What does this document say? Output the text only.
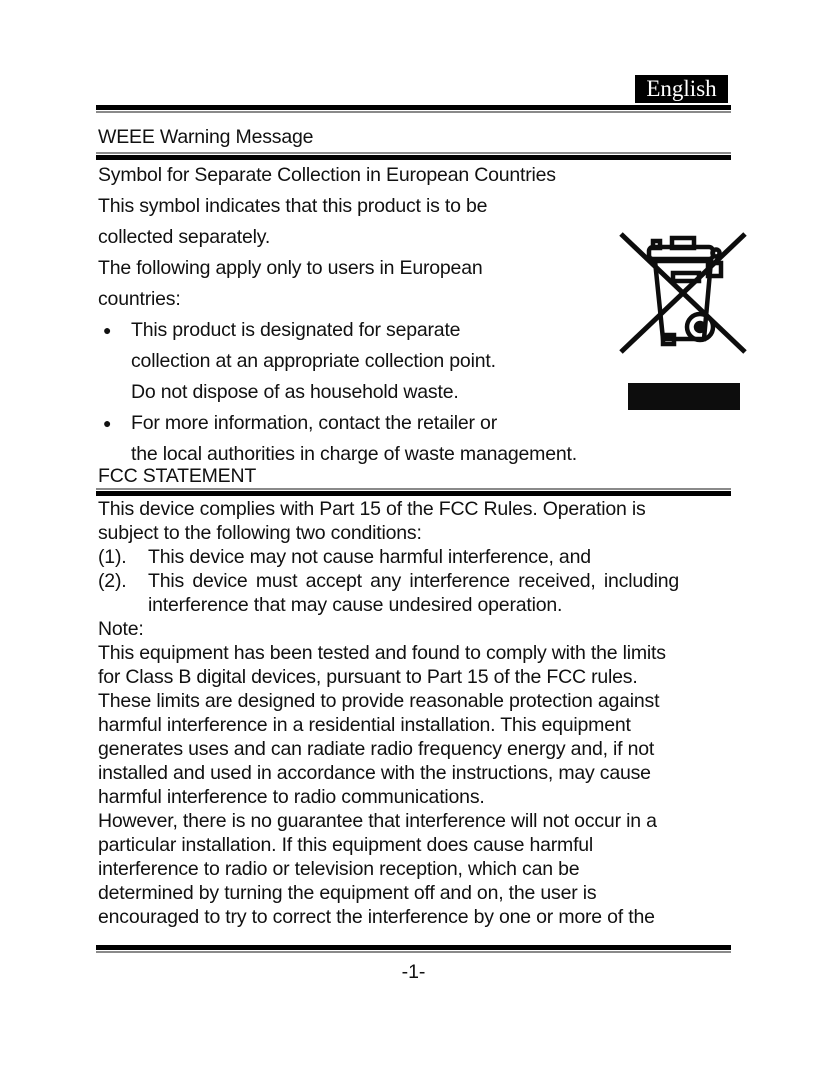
English
WEEE Warning Message
Symbol for Separate Collection in European Countries
This symbol indicates that this product is to be
collected separately.
The following apply only to users in European
countries:
● This product is designated for separate
collection at an appropriate collection point.
Do not dispose of as household waste.
● For more information, contact the retailer or
the local authorities in charge of waste management.
FCC STATEMENT
This device complies with Part 15 of the FCC Rules. Operation is
subject to the following two conditions:
(1). This device may not cause harmful interference, and
(2). This device must accept any interference received, including
interference that may cause undesired operation.
Note:
This equipment has been tested and found to comply with the limits
for Class B digital devices, pursuant to Part 15 of the FCC rules.
These limits are designed to provide reasonable protection against
harmful interference in a residential installation. This equipment
generates uses and can radiate radio frequency energy and, if not
installed and used in accordance with the instructions, may cause
harmful interference to radio communications.
However, there is no guarantee that interference will not occur in a
particular installation. If this equipment does cause harmful
interference to radio or television reception, which can be
determined by turning the equipment off and on, the user is
encouraged to try to correct the interference by one or more of the
-1-
